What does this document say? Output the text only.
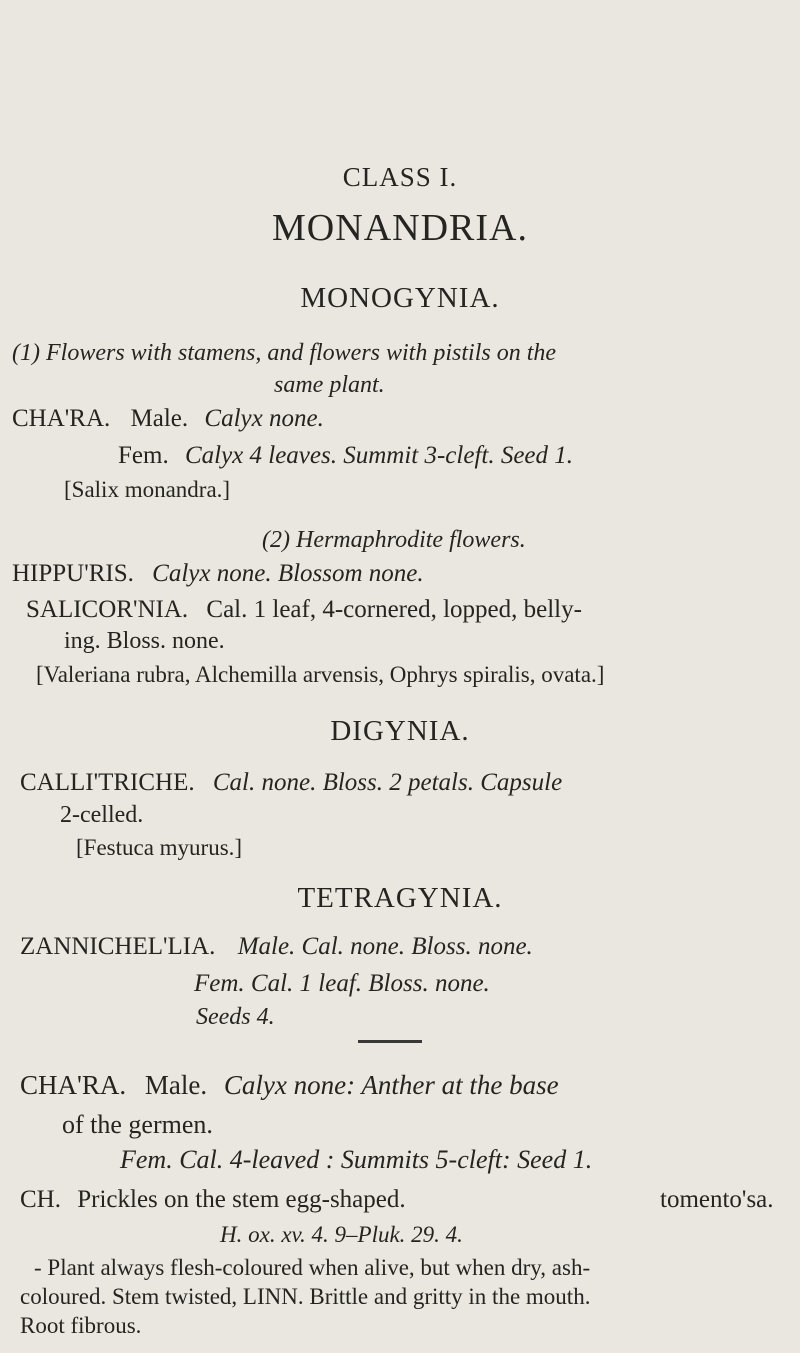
CLASS I.
MONANDRIA.
MONOGYNIA.
(1) Flowers with stamens, and flowers with pistils on the
same plant.
CHA'RA. Male. Calyx none.
Fem. Calyx 4 leaves. Summit 3-cleft. Seed 1.
[Salix monandra.]
(2) Hermaphrodite flowers.
HIPPU'RIS. Calyx none. Blossom none.
SALICOR'NIA. Cal. 1 leaf, 4-cornered, lopped, belly-
ing. Bloss. none.
[Valeriana rubra, Alchemilla arvensis, Ophrys spiralis, ovata.]
DIGYNIA.
CALLI'TRICHE. Cal. none. Bloss. 2 petals. Capsule
2-celled.
[Festuca myurus.]
TETRAGYNIA.
ZANNICHEL'LIA. Male. Cal. none. Bloss. none.
Fem. Cal. 1 leaf. Bloss. none.
Seeds 4.
CHA'RA. Male. Calyx none: Anther at the base
of the germen.
Fem. Cal. 4-leaved : Summits 5-cleft: Seed 1.
CH. Prickles on the stem egg-shaped.	tomento'sa.
H. ox. xv. 4. 9–Pluk. 29. 4.
- Plant always flesh-coloured when alive, but when dry, ash-
coloured. Stem twisted, LINN. Brittle and gritty in the mouth.
Root fibrous.
